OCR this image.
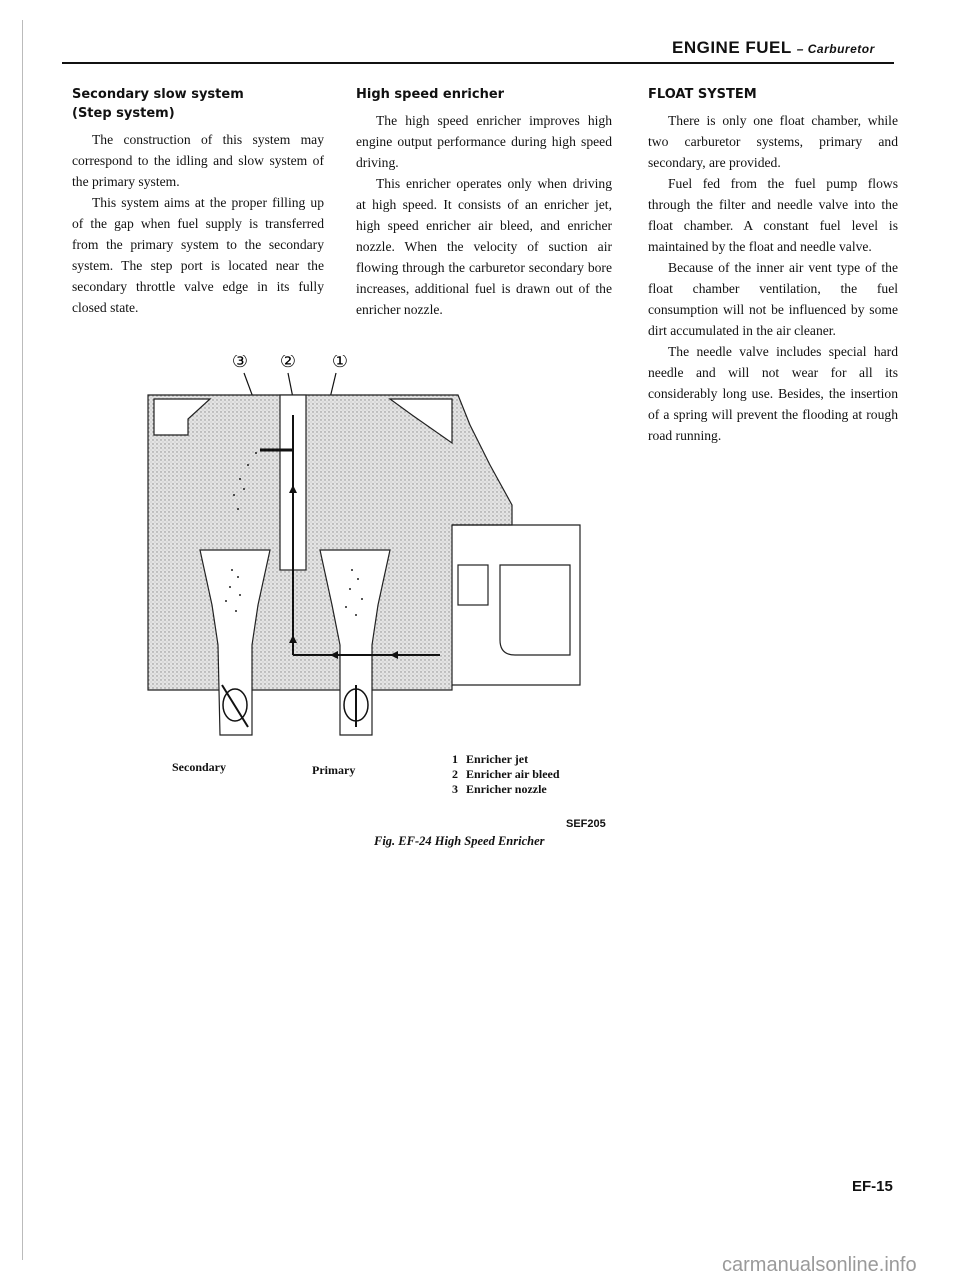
ENGINE FUEL – Carburetor
Secondary slow system
(Step system)

The construction of this system may correspond to the idling and slow system of the primary system.

This system aims at the proper filling up of the gap when fuel supply is transferred from the primary system to the secondary system. The step port is located near the secondary throttle valve edge in its fully closed state.

High speed enricher

The high speed enricher improves high engine output performance during high speed driving.

This enricher operates only when driving at high speed. It consists of an enricher jet, high speed enricher air bleed, and enricher nozzle. When the velocity of suction air flowing through the carburetor secondary bore increases, additional fuel is drawn out of the enricher nozzle.

FLOAT SYSTEM

There is only one float chamber, while two carburetor systems, primary and secondary, are provided.

Fuel fed from the fuel pump flows through the filter and needle valve into the float chamber. A constant fuel level is maintained by the float and needle valve.

Because of the inner air vent type of the float chamber ventilation, the fuel consumption will not be influenced by some dirt accumulated in the air cleaner.

The needle valve includes special hard needle and will not wear for all its considerably long use. Besides, the insertion of a spring will prevent the flooding at rough road running.

③ ② ①
Secondary	Primary
1 Enricher jet
2 Enricher air bleed
3 Enricher nozzle
SEF205
Fig. EF-24 High Speed Enricher
EF-15
carmanualsonline.info
